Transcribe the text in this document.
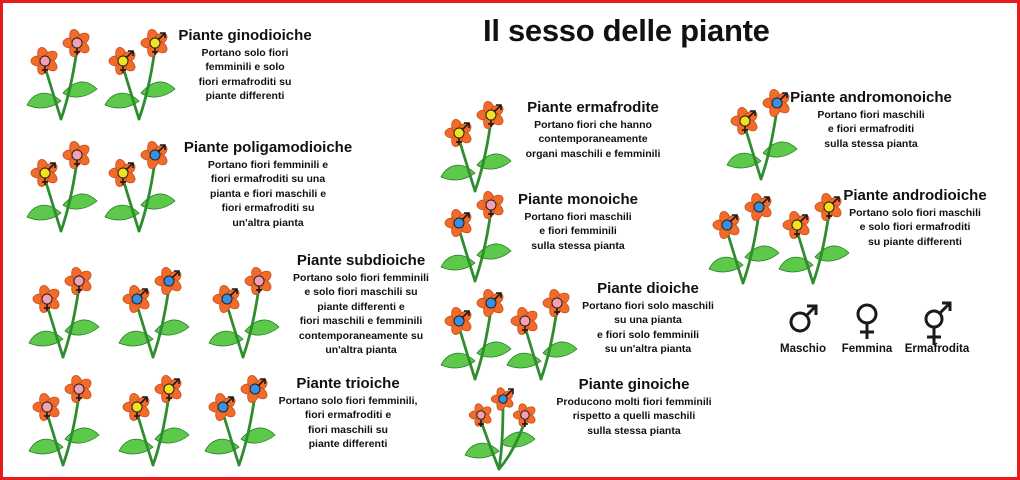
Il sesso delle piante
Piante ginodioiche
Portano solo fiori
femminili e solo
fiori ermafroditi su
piante differenti
Piante poligamodioiche
Portano fiori femminili e
fiori ermafroditi su una
pianta e fiori maschili e
fiori ermafroditi su
un'altra pianta
Piante subdioiche
Portano solo fiori femminili
e solo fiori maschili su
piante differenti e
fiori maschili e femminili
contemporaneamente su
un'altra pianta
Piante trioiche
Portano solo fiori femminili,
fiori ermafroditi e
fiori maschili su
piante differenti
Piante ermafrodite
Portano fiori che hanno
contemporaneamente
organi maschili e femminili
Piante monoiche
Portano fiori maschili
e fiori femminili
sulla stessa pianta
Piante dioiche
Portano fiori solo maschili
su una pianta
e fiori solo femminili
su un'altra pianta
Piante ginoiche
Producono molti fiori femminili
rispetto a quelli maschili
sulla stessa pianta
Piante andromonoiche
Portano fiori maschili
e fiori ermafroditi
sulla stessa pianta
Piante androdioiche
Portano solo fiori maschili
e solo fiori ermafroditi
su piante differenti
Maschio	Femmina	Ermafrodita
